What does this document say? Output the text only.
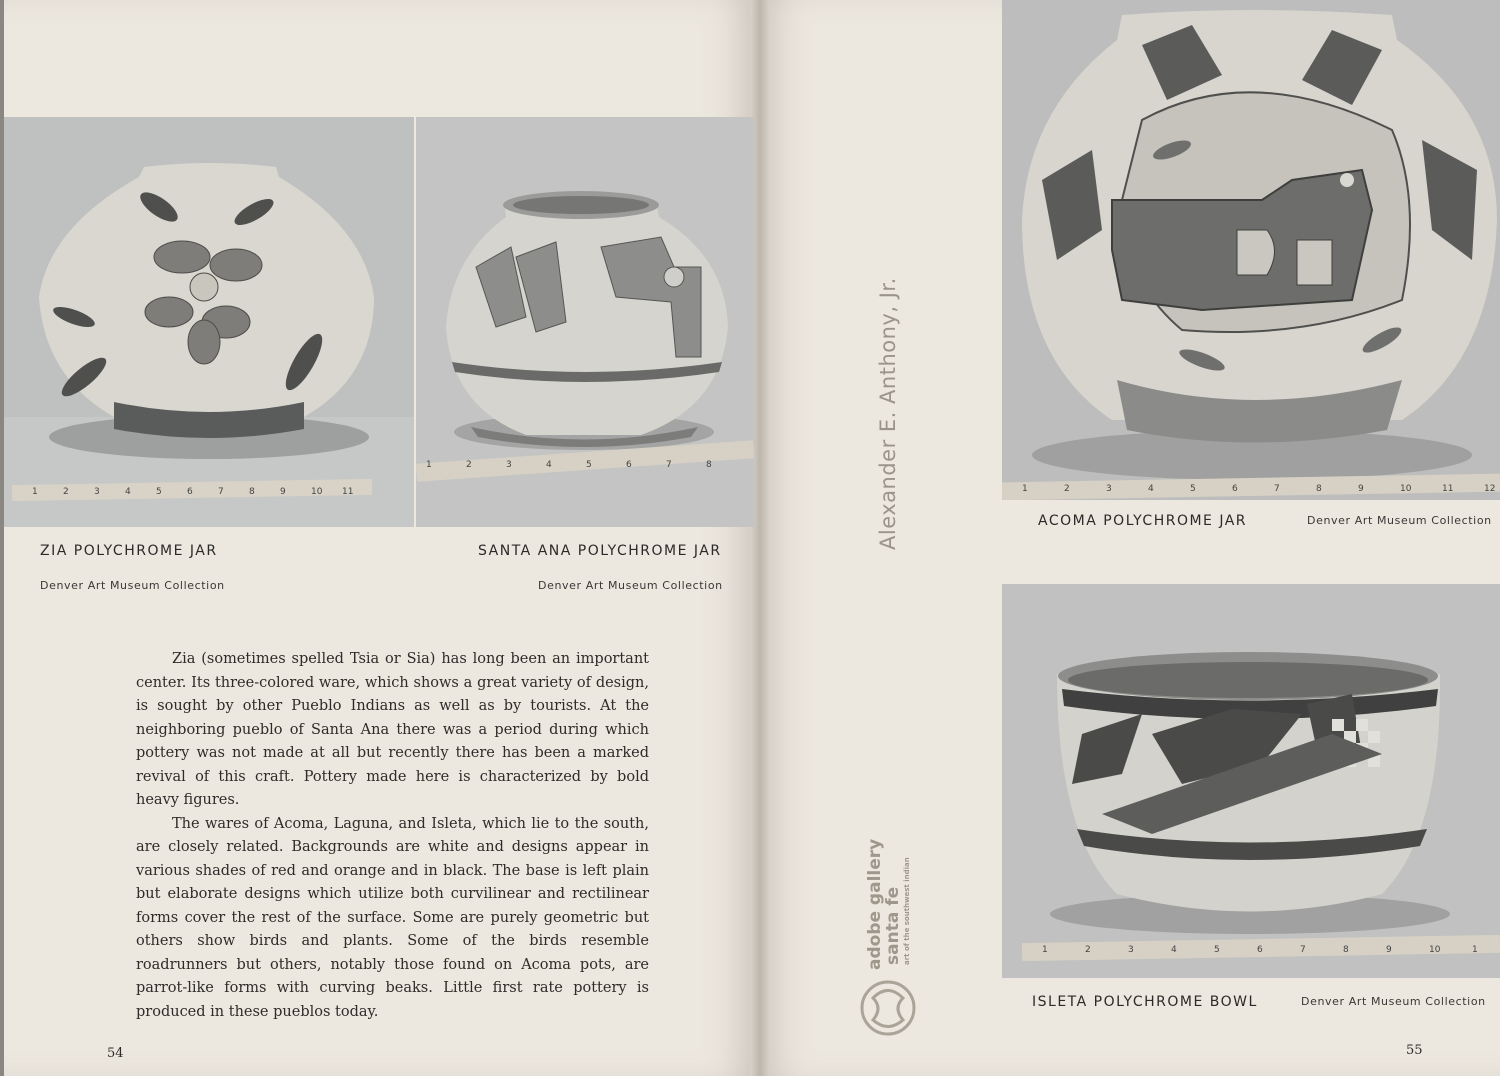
1	2	3	4	5	6	7	8	9	10 11
1	2	3	4	5	6	7	8
1	2	3	4	5	6	7	8	9	10	11	12
1	2	3	4	5	6	7	8	9	10	1
ZIA POLYCHROME JAR
Denver Art Museum Collection
SANTA ANA POLYCHROME JAR
Denver Art Museum Collection

Zia (sometimes spelled Tsia or Sia) has long been an important center. Its three-colored ware, which shows a great variety of design, is sought by other Pueblo Indians as well as by tourists. At the neighboring pueblo of Santa Ana there was a period during which pottery was not made at all but recently there has been a marked revival of this craft. Pottery made here is characterized by bold heavy figures.

The wares of Acoma, Laguna, and Isleta, which lie to the south, are closely related. Backgrounds are white and designs appear in various shades of red and orange and in black. The base is left plain but elaborate designs which utilize both curvilinear and rectilinear forms cover the rest of the surface. Some are purely geometric but others show birds and plants. Some of the birds resemble roadrunners but others, notably those found on Acoma pots, are parrot-like forms with curving beaks. Little first rate pottery is produced in these pueblos today.

54
ACOMA POLYCHROME JAR	Denver Art Museum Collection
ISLETA POLYCHROME BOWL	Denver Art Museum Collection
55
Alexander E. Anthony, Jr.
adobe gallery
santa fe art of the southwest indian
